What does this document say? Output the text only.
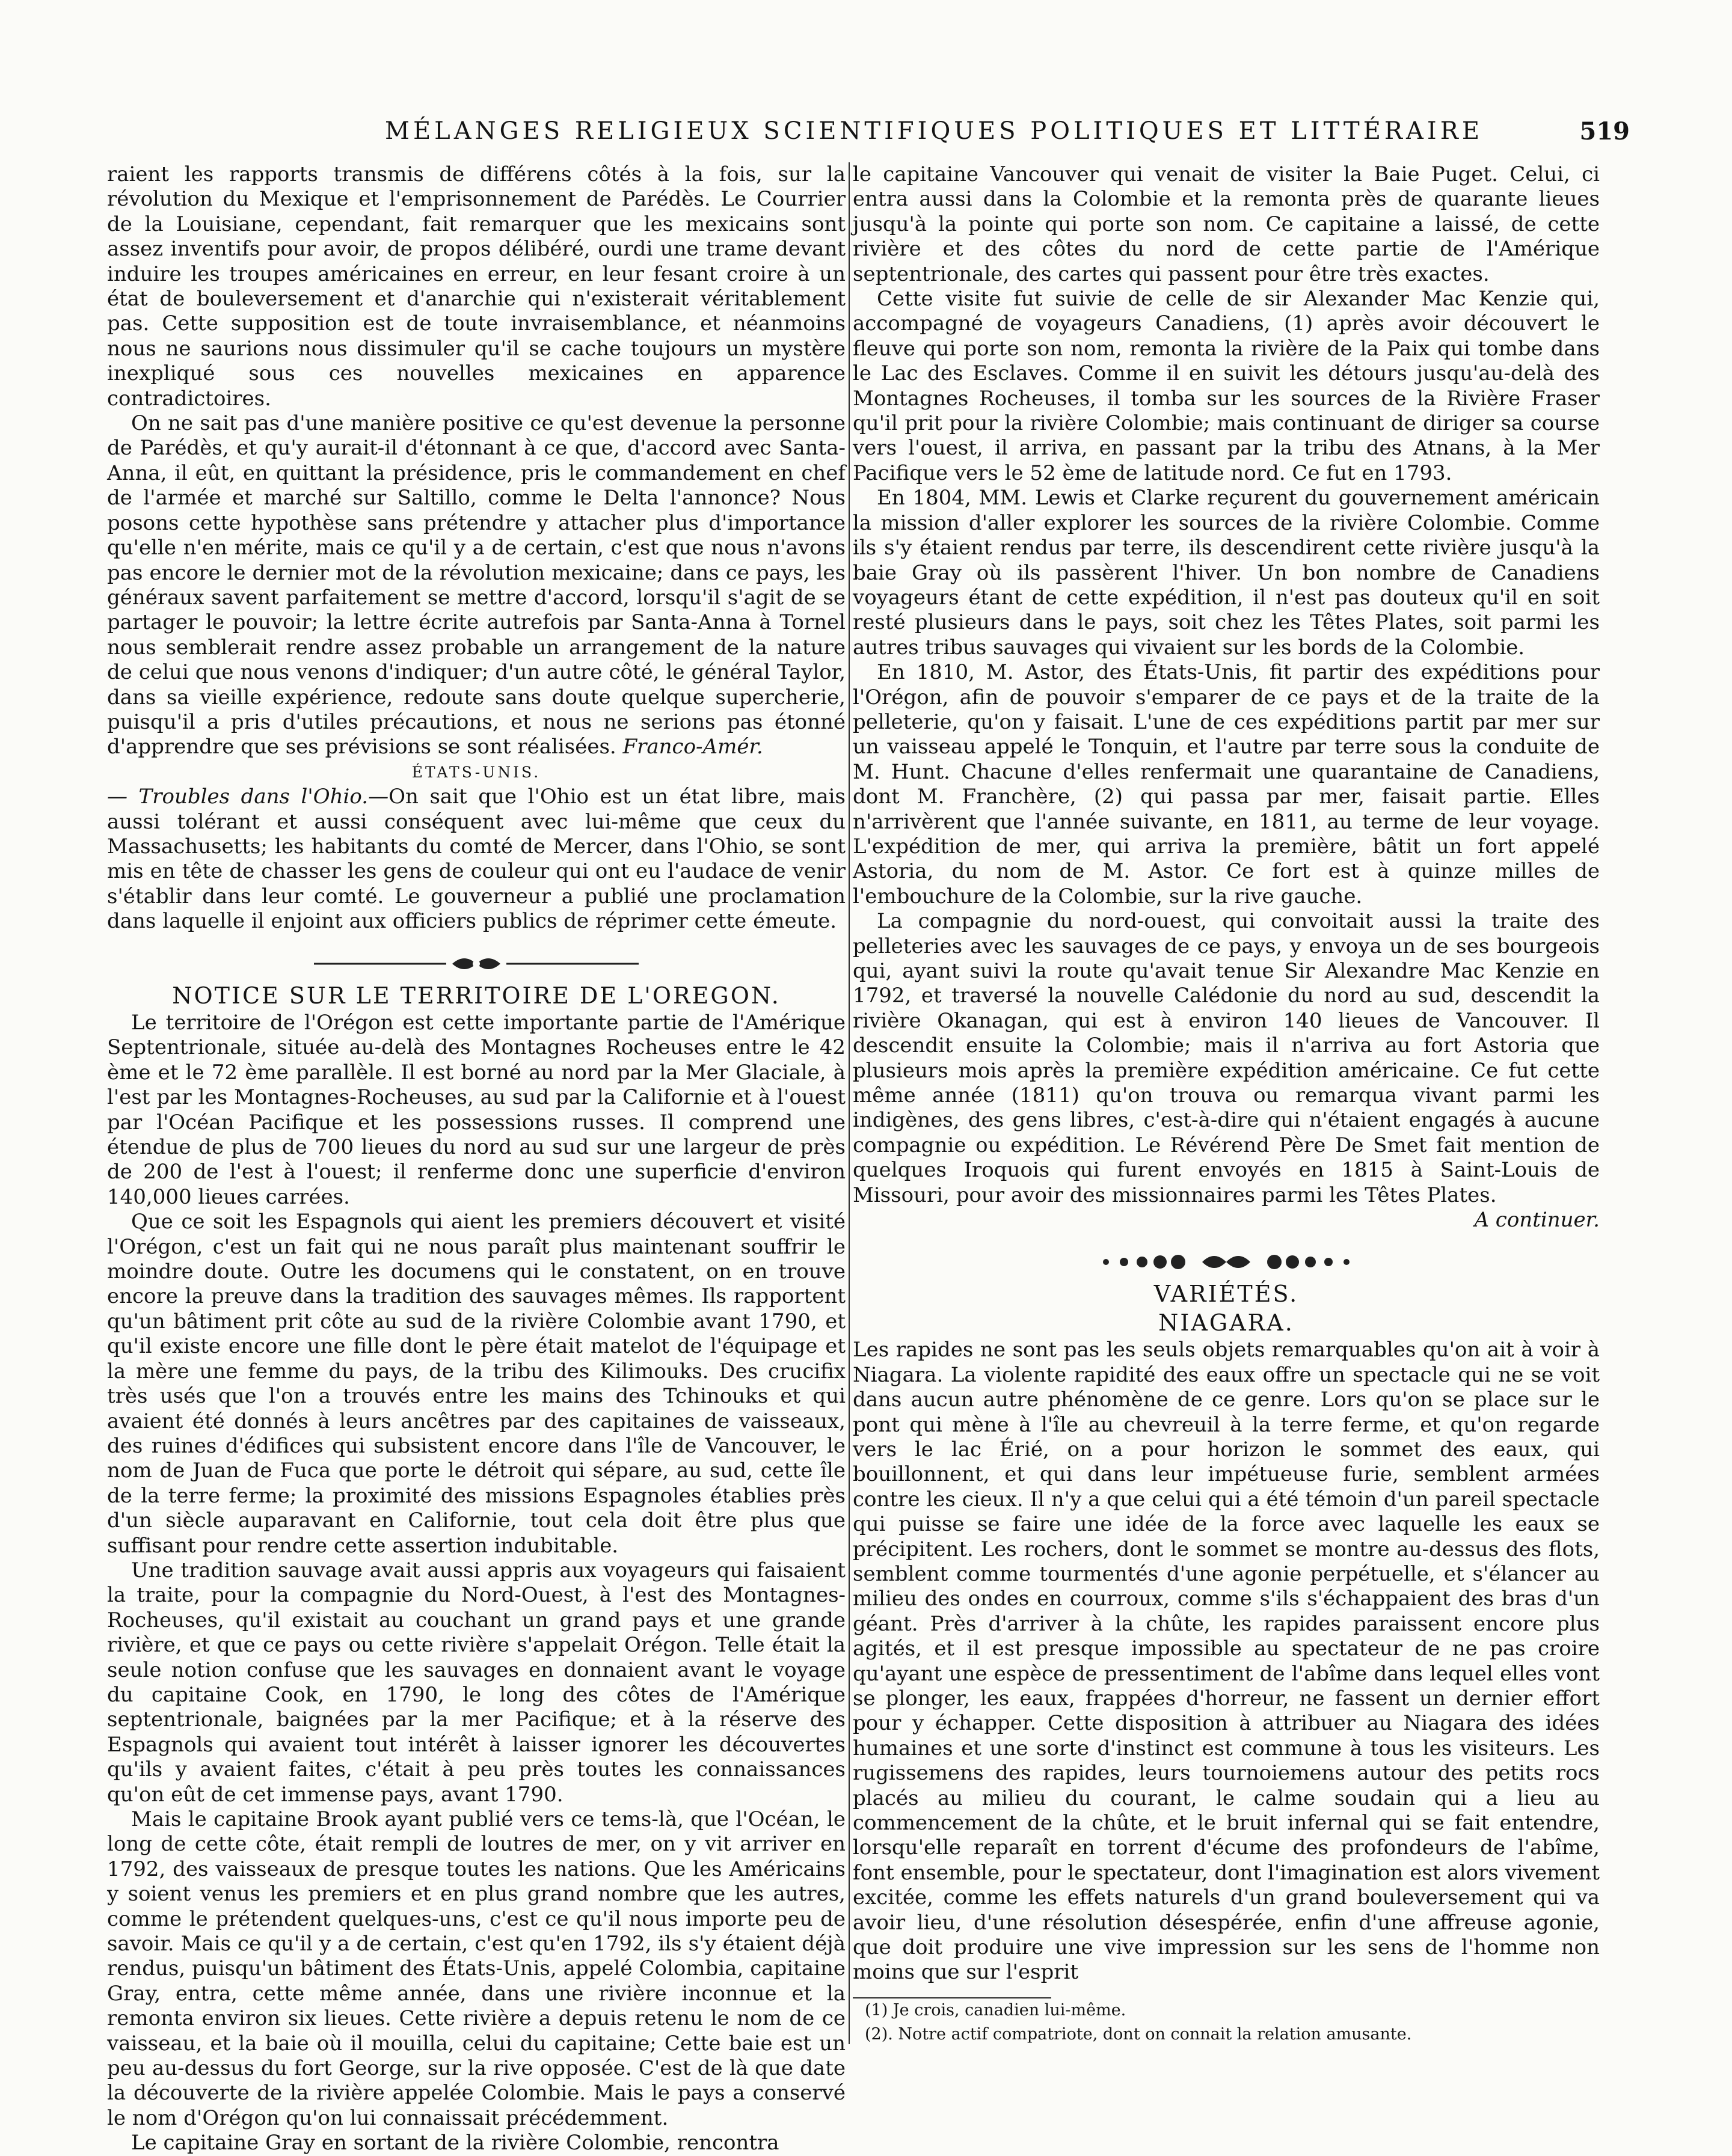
MÉLANGES RELIGIEUX SCIENTIFIQUES POLITIQUES ET LITTÉRAIRE	519

raient les rapports transmis de différens côtés à la fois, sur la révolution du Mexique et l'emprisonnement de Parédès. Le Courrier de la Louisiane, cependant, fait remarquer que les mexicains sont assez inventifs pour avoir, de propos délibéré, ourdi une trame devant induire les troupes américaines en erreur, en leur fesant croire à un état de bouleversement et d'anarchie qui n'existerait véritablement pas. Cette supposition est de toute invraisemblance, et néanmoins nous ne saurions nous dissimuler qu'il se cache toujours un mystère inexpliqué sous ces nouvelles mexicaines en apparence contradictoires.

On ne sait pas d'une manière positive ce qu'est devenue la personne de Parédès, et qu'y aurait-il d'étonnant à ce que, d'accord avec Santa-Anna, il eût, en quittant la présidence, pris le commandement en chef de l'armée et marché sur Saltillo, comme le Delta l'annonce? Nous posons cette hypothèse sans prétendre y attacher plus d'importance qu'elle n'en mérite, mais ce qu'il y a de certain, c'est que nous n'avons pas encore le dernier mot de la révolution mexicaine; dans ce pays, les généraux savent parfaitement se mettre d'accord, lorsqu'il s'agit de se partager le pouvoir; la lettre écrite autrefois par Santa-Anna à Tornel nous semblerait rendre assez probable un arrangement de la nature de celui que nous venons d'indiquer; d'un autre côté, le général Taylor, dans sa vieille expérience, redoute sans doute quelque supercherie, puisqu'il a pris d'utiles précautions, et nous ne serions pas étonné d'apprendre que ses prévisions se sont réalisées. Franco-Amér.

ÉTATS-UNIS.

— Troubles dans l'Ohio.—On sait que l'Ohio est un état libre, mais aussi tolérant et aussi conséquent avec lui-même que ceux du Massachusetts; les habitants du comté de Mercer, dans l'Ohio, se sont mis en tête de chasser les gens de couleur qui ont eu l'audace de venir s'établir dans leur comté. Le gouverneur a publié une proclamation dans laquelle il enjoint aux officiers publics de réprimer cette émeute.

NOTICE SUR LE TERRITOIRE DE L'OREGON.

Le territoire de l'Orégon est cette importante partie de l'Amérique Septentrionale, située au-delà des Montagnes Rocheuses entre le 42 ème et le 72 ème parallèle. Il est borné au nord par la Mer Glaciale, à l'est par les Montagnes-Rocheuses, au sud par la Californie et à l'ouest par l'Océan Pacifique et les possessions russes. Il comprend une étendue de plus de 700 lieues du nord au sud sur une largeur de près de 200 de l'est à l'ouest; il renferme donc une superficie d'environ 140,000 lieues carrées.

Que ce soit les Espagnols qui aient les premiers découvert et visité l'Orégon, c'est un fait qui ne nous paraît plus maintenant souffrir le moindre doute. Outre les documens qui le constatent, on en trouve encore la preuve dans la tradition des sauvages mêmes. Ils rapportent qu'un bâtiment prit côte au sud de la rivière Colombie avant 1790, et qu'il existe encore une fille dont le père était matelot de l'équipage et la mère une femme du pays, de la tribu des Kilimouks. Des crucifix très usés que l'on a trouvés entre les mains des Tchinouks et qui avaient été donnés à leurs ancêtres par des capitaines de vaisseaux, des ruines d'édifices qui subsistent encore dans l'île de Vancouver, le nom de Juan de Fuca que porte le détroit qui sépare, au sud, cette île de la terre ferme; la proximité des missions Espagnoles établies près d'un siècle auparavant en Californie, tout cela doit être plus que suffisant pour rendre cette assertion indubitable.

Une tradition sauvage avait aussi appris aux voyageurs qui faisaient la traite, pour la compagnie du Nord-Ouest, à l'est des Montagnes-Rocheuses, qu'il existait au couchant un grand pays et une grande rivière, et que ce pays ou cette rivière s'appelait Orégon. Telle était la seule notion confuse que les sauvages en donnaient avant le voyage du capitaine Cook, en 1790, le long des côtes de l'Amérique septentrionale, baignées par la mer Pacifique; et à la réserve des Espagnols qui avaient tout intérêt à laisser ignorer les découvertes qu'ils y avaient faites, c'était à peu près toutes les connaissances qu'on eût de cet immense pays, avant 1790.

Mais le capitaine Brook ayant publié vers ce tems-là, que l'Océan, le long de cette côte, était rempli de loutres de mer, on y vit arriver en 1792, des vaisseaux de presque toutes les nations. Que les Américains y soient venus les premiers et en plus grand nombre que les autres, comme le prétendent quelques-uns, c'est ce qu'il nous importe peu de savoir. Mais ce qu'il y a de certain, c'est qu'en 1792, ils s'y étaient déjà rendus, puisqu'un bâtiment des États-Unis, appelé Colombia, capitaine Gray, entra, cette même année, dans une rivière inconnue et la remonta environ six lieues. Cette rivière a depuis retenu le nom de ce vaisseau, et la baie où il mouilla, celui du capitaine; Cette baie est un peu au-dessus du fort George, sur la rive opposée. C'est de là que date la découverte de la rivière appelée Colombie. Mais le pays a conservé le nom d'Orégon qu'on lui connaissait précédemment.

Le capitaine Gray en sortant de la rivière Colombie, rencontra

le capitaine Vancouver qui venait de visiter la Baie Puget. Celui, ci entra aussi dans la Colombie et la remonta près de quarante lieues jusqu'à la pointe qui porte son nom. Ce capitaine a laissé, de cette rivière et des côtes du nord de cette partie de l'Amérique septentrionale, des cartes qui passent pour être très exactes.

Cette visite fut suivie de celle de sir Alexander Mac Kenzie qui, accompagné de voyageurs Canadiens, (1) après avoir découvert le fleuve qui porte son nom, remonta la rivière de la Paix qui tombe dans le Lac des Esclaves. Comme il en suivit les détours jusqu'au-delà des Montagnes Rocheuses, il tomba sur les sources de la Rivière Fraser qu'il prit pour la rivière Colombie; mais continuant de diriger sa course vers l'ouest, il arriva, en passant par la tribu des Atnans, à la Mer Pacifique vers le 52 ème de latitude nord. Ce fut en 1793.

En 1804, MM. Lewis et Clarke reçurent du gouvernement américain la mission d'aller explorer les sources de la rivière Colombie. Comme ils s'y étaient rendus par terre, ils descendirent cette rivière jusqu'à la baie Gray où ils passèrent l'hiver. Un bon nombre de Canadiens voyageurs étant de cette expédition, il n'est pas douteux qu'il en soit resté plusieurs dans le pays, soit chez les Têtes Plates, soit parmi les autres tribus sauvages qui vivaient sur les bords de la Colombie.

En 1810, M. Astor, des États-Unis, fit partir des expéditions pour l'Orégon, afin de pouvoir s'emparer de ce pays et de la traite de la pelleterie, qu'on y faisait. L'une de ces expéditions partit par mer sur un vaisseau appelé le Tonquin, et l'autre par terre sous la conduite de M. Hunt. Chacune d'elles renfermait une quarantaine de Canadiens, dont M. Franchère, (2) qui passa par mer, faisait partie. Elles n'arrivèrent que l'année suivante, en 1811, au terme de leur voyage. L'expédition de mer, qui arriva la première, bâtit un fort appelé Astoria, du nom de M. Astor. Ce fort est à quinze milles de l'embouchure de la Colombie, sur la rive gauche.

La compagnie du nord-ouest, qui convoitait aussi la traite des pelleteries avec les sauvages de ce pays, y envoya un de ses bourgeois qui, ayant suivi la route qu'avait tenue Sir Alexandre Mac Kenzie en 1792, et traversé la nouvelle Calédonie du nord au sud, descendit la rivière Okanagan, qui est à environ 140 lieues de Vancouver. Il descendit ensuite la Colombie; mais il n'arriva au fort Astoria que plusieurs mois après la première expédition américaine. Ce fut cette même année (1811) qu'on trouva ou remarqua vivant parmi les indigènes, des gens libres, c'est-à-dire qui n'étaient engagés à aucune compagnie ou expédition. Le Révérend Père De Smet fait mention de quelques Iroquois qui furent envoyés en 1815 à Saint-Louis de Missouri, pour avoir des missionnaires parmi les Têtes Plates.

A continuer.
VARIÉTÉS.
NIAGARA.

Les rapides ne sont pas les seuls objets remarquables qu'on ait à voir à Niagara. La violente rapidité des eaux offre un spectacle qui ne se voit dans aucun autre phénomène de ce genre. Lors qu'on se place sur le pont qui mène à l'île au chevreuil à la terre ferme, et qu'on regarde vers le lac Érié, on a pour horizon le sommet des eaux, qui bouillonnent, et qui dans leur impétueuse furie, semblent armées contre les cieux. Il n'y a que celui qui a été témoin d'un pareil spectacle qui puisse se faire une idée de la force avec laquelle les eaux se précipitent. Les rochers, dont le sommet se montre au-dessus des flots, semblent comme tourmentés d'une agonie perpétuelle, et s'élancer au milieu des ondes en courroux, comme s'ils s'échappaient des bras d'un géant. Près d'arriver à la chûte, les rapides paraissent encore plus agités, et il est presque impossible au spectateur de ne pas croire qu'ayant une espèce de pressentiment de l'abîme dans lequel elles vont se plonger, les eaux, frappées d'horreur, ne fassent un dernier effort pour y échapper. Cette disposition à attribuer au Niagara des idées humaines et une sorte d'instinct est commune à tous les visiteurs. Les rugissemens des rapides, leurs tournoiemens autour des petits rocs placés au milieu du courant, le calme soudain qui a lieu au commencement de la chûte, et le bruit infernal qui se fait entendre, lorsqu'elle reparaît en torrent d'écume des profondeurs de l'abîme, font ensemble, pour le spectateur, dont l'imagination est alors vivement excitée, comme les effets naturels d'un grand bouleversement qui va avoir lieu, d'une résolution désespérée, enfin d'une affreuse agonie, que doit produire une vive impression sur les sens de l'homme non moins que sur l'esprit

(1) Je crois, canadien lui-même.

(2). Notre actif compatriote, dont on connait la relation amusante.
